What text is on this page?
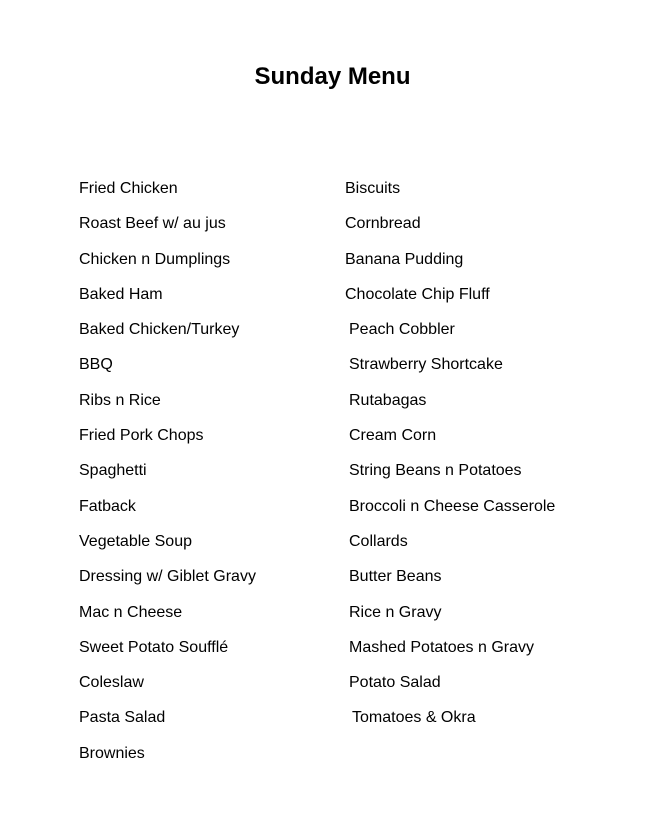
Sunday Menu
Fried Chicken
Roast Beef w/ au jus
Chicken n Dumplings
Baked Ham
Baked Chicken/Turkey
BBQ
Ribs n Rice
Fried Pork Chops
Spaghetti
Fatback
Vegetable Soup
Dressing w/ Giblet Gravy
Mac n Cheese
Sweet Potato Soufflé
Coleslaw
Pasta Salad
Brownies
Biscuits
Cornbread
Banana Pudding
Chocolate Chip Fluff
Peach Cobbler
Strawberry Shortcake
Rutabagas
Cream Corn
String Beans n Potatoes
Broccoli n Cheese Casserole
Collards
Butter Beans
Rice n Gravy
Mashed Potatoes n Gravy
Potato Salad
Tomatoes & Okra
